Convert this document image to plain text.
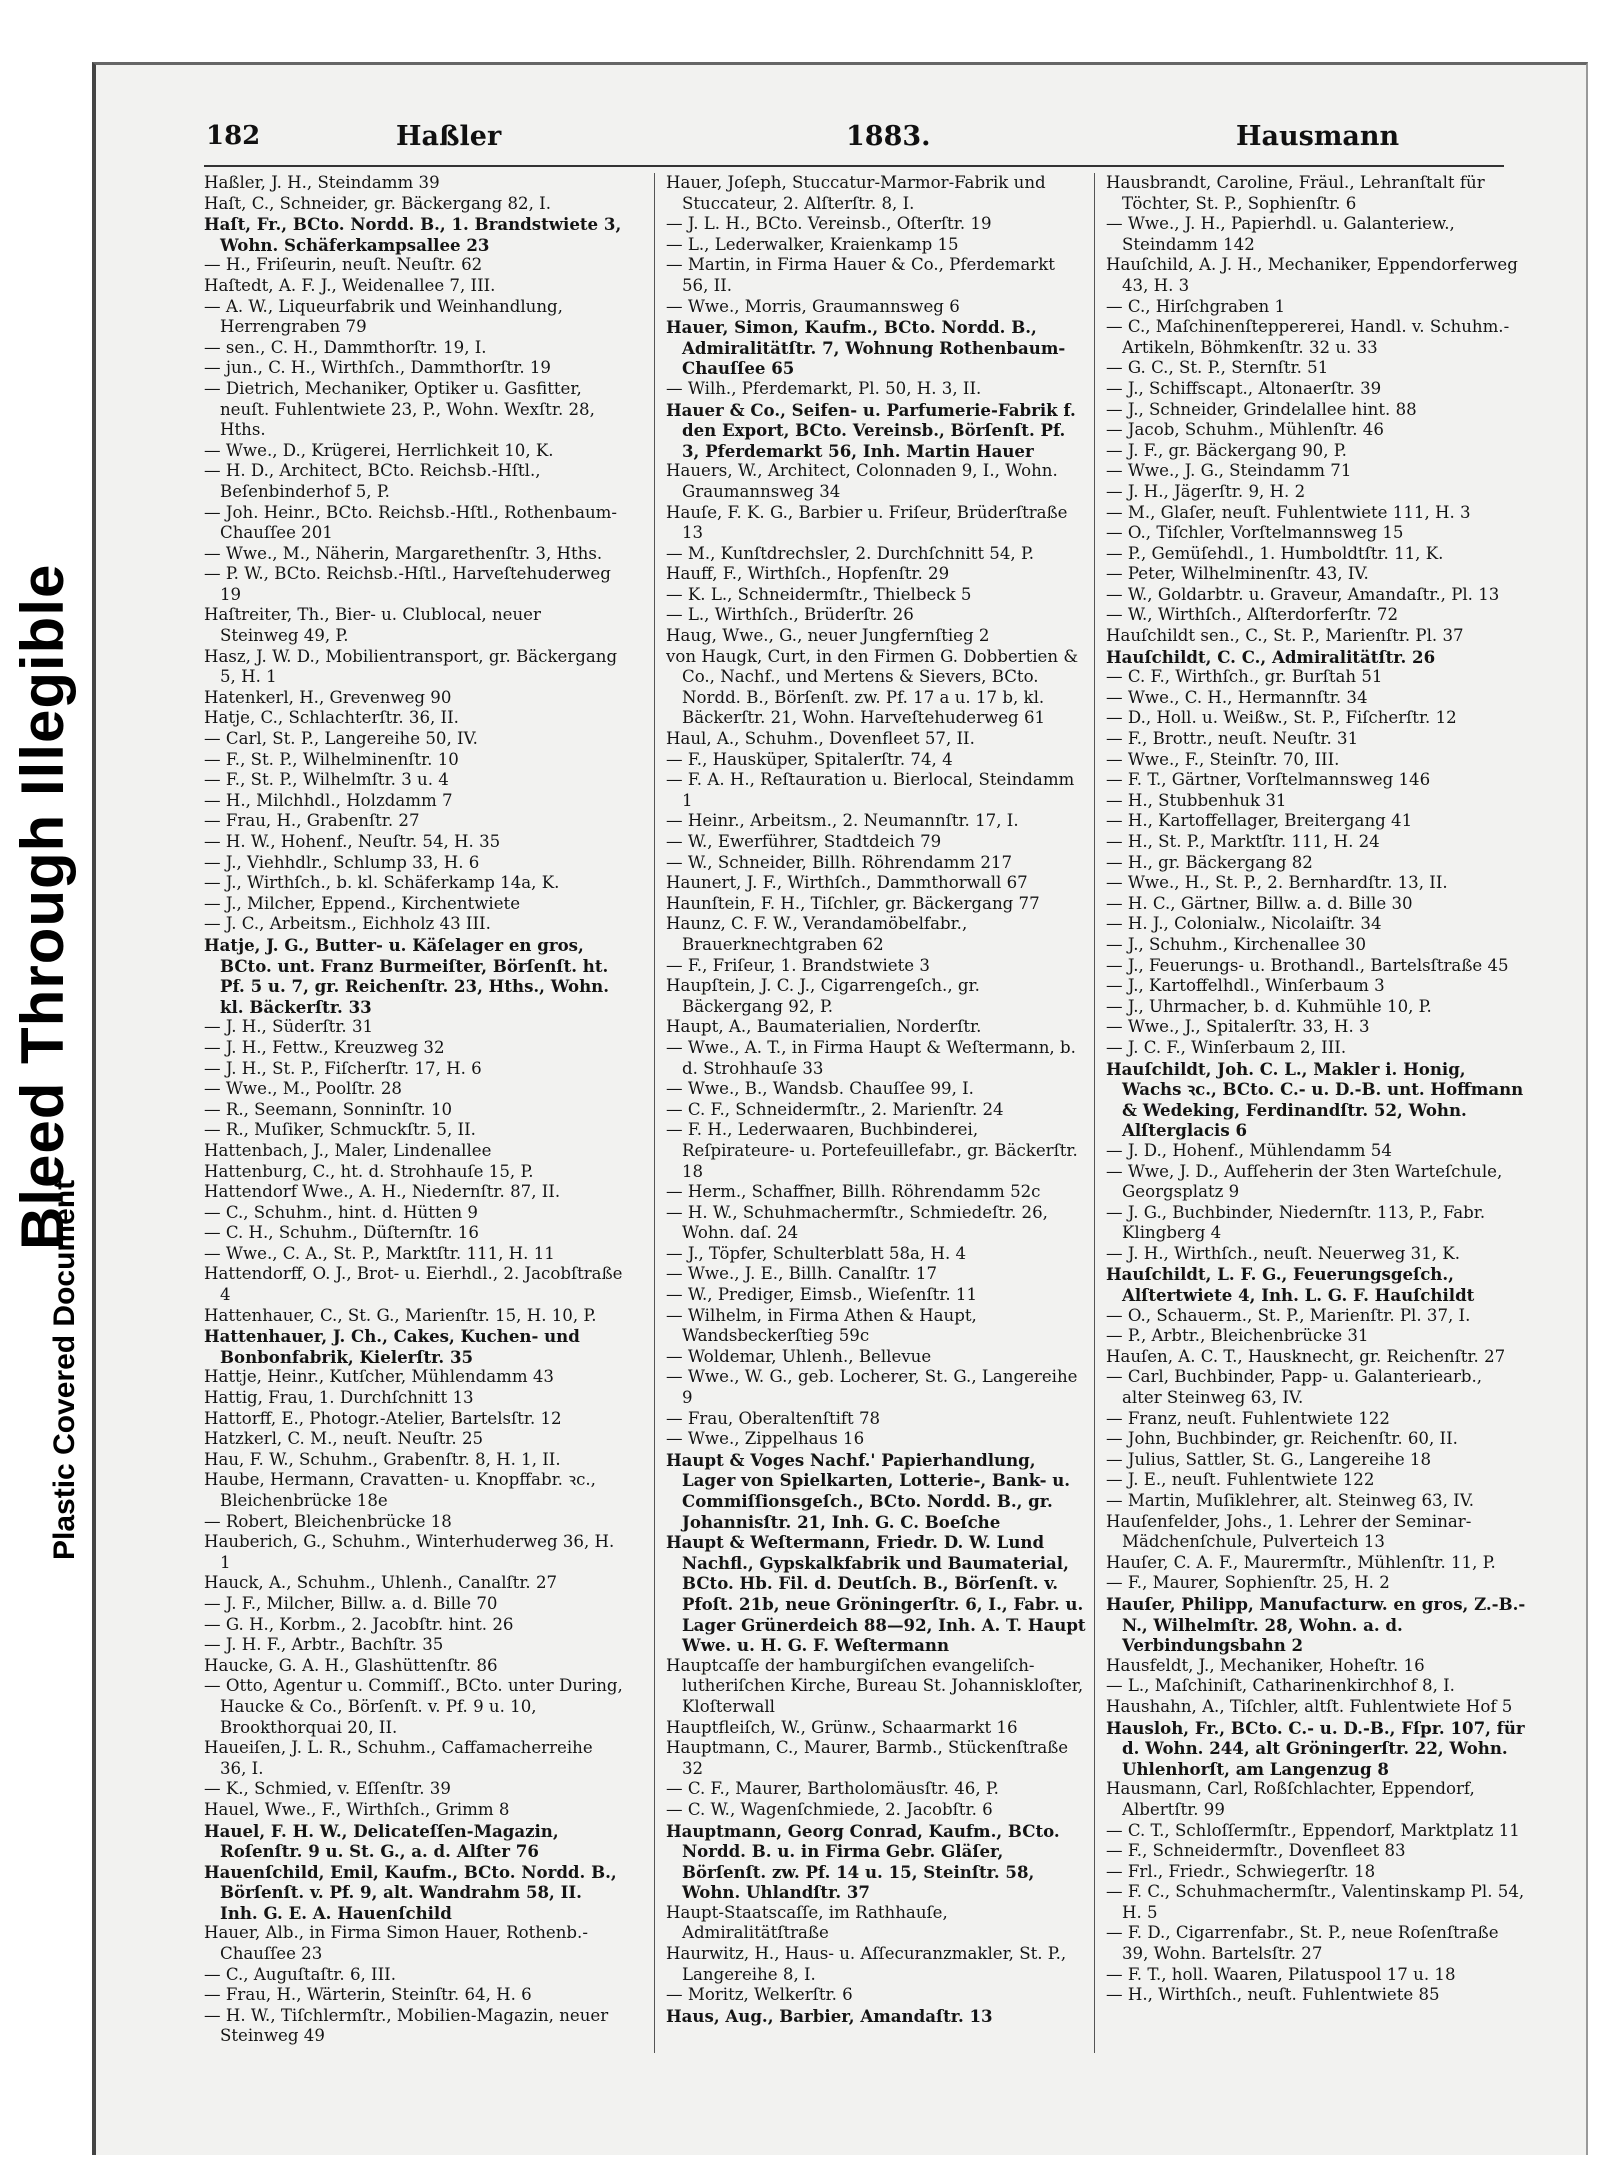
Bleed Through Illegible
Plastic Covered Document
182	Haßler	1883.	Hausmann
Haßler, J. H., Steindamm 39
Haſt, C., Schneider, gr. Bäckergang 82, I.
Haſt, Fr., BCto. Nordd. B., 1. Brandstwiete 3, Wohn. Schäferkampsallee 23
— H., Friſeurin, neuſt. Neuſtr. 62
Haſtedt, A. F. J., Weidenallee 7, III.
— A. W., Liqueurfabrik und Weinhandlung, Herrengraben 79
— sen., C. H., Dammthorſtr. 19, I.
— jun., C. H., Wirthſch., Dammthorſtr. 19
— Dietrich, Mechaniker, Optiker u. Gasfitter, neuſt. Fuhlentwiete 23, P., Wohn. Wexſtr. 28, Hths.
— Wwe., D., Krügerei, Herrlichkeit 10, K.
— H. D., Architect, BCto. Reichsb.-Hſtl., Beſenbinderhof 5, P.
— Joh. Heinr., BCto. Reichsb.-Hſtl., Rothenbaum-Chauſſee 201
— Wwe., M., Näherin, Margarethenſtr. 3, Hths.
— P. W., BCto. Reichsb.-Hſtl., Harveſtehuderweg 19
Haſtreiter, Th., Bier- u. Clublocal, neuer Steinweg 49, P.
Hasz, J. W. D., Mobilientransport, gr. Bäckergang 5, H. 1
Hatenkerl, H., Grevenweg 90
Hatje, C., Schlachterſtr. 36, II.
— Carl, St. P., Langereihe 50, IV.
— F., St. P., Wilhelminenſtr. 10
— F., St. P., Wilhelmſtr. 3 u. 4
— H., Milchhdl., Holzdamm 7
— Frau, H., Grabenſtr. 27
— H. W., Hohenf., Neuſtr. 54, H. 35
— J., Viehhdlr., Schlump 33, H. 6
— J., Wirthſch., b. kl. Schäferkamp 14a, K.
— J., Milcher, Eppend., Kirchentwiete
— J. C., Arbeitsm., Eichholz 43 III.
Hatje, J. G., Butter- u. Käſelager en gros, BCto. unt. Franz Burmeiſter, Börſenſt. ht. Pf. 5 u. 7, gr. Reichenſtr. 23, Hths., Wohn. kl. Bäckerſtr. 33
— J. H., Süderſtr. 31
— J. H., Fettw., Kreuzweg 32
— J. H., St. P., Fiſcherſtr. 17, H. 6
— Wwe., M., Poolſtr. 28
— R., Seemann, Sonninſtr. 10
— R., Muſiker, Schmuckſtr. 5, II.
Hattenbach, J., Maler, Lindenallee
Hattenburg, C., ht. d. Strohhauſe 15, P.
Hattendorf Wwe., A. H., Niedernſtr. 87, II.
— C., Schuhm., hint. d. Hütten 9
— C. H., Schuhm., Düſternſtr. 16
— Wwe., C. A., St. P., Marktſtr. 111, H. 11
Hattendorff, O. J., Brot- u. Eierhdl., 2. Jacobſtraße 4
Hattenhauer, C., St. G., Marienſtr. 15, H. 10, P.
Hattenhauer, J. Ch., Cakes, Kuchen- und Bonbonfabrik, Kielerſtr. 35
Hattje, Heinr., Kutſcher, Mühlendamm 43
Hattig, Frau, 1. Durchſchnitt 13
Hattorff, E., Photogr.-Atelier, Bartelsſtr. 12
Hatzkerl, C. M., neuſt. Neuſtr. 25
Hau, F. W., Schuhm., Grabenſtr. 8, H. 1, II.
Haube, Hermann, Cravatten- u. Knopffabr. ꝛc., Bleichenbrücke 18e
— Robert, Bleichenbrücke 18
Hauberich, G., Schuhm., Winterhuderweg 36, H. 1
Hauck, A., Schuhm., Uhlenh., Canalſtr. 27
— J. F., Milcher, Billw. a. d. Bille 70
— G. H., Korbm., 2. Jacobſtr. hint. 26
— J. H. F., Arbtr., Bachſtr. 35
Haucke, G. A. H., Glashüttenſtr. 86
— Otto, Agentur u. Commiſſ., BCto. unter During, Haucke & Co., Börſenſt. v. Pf. 9 u. 10, Brookthorquai 20, II.
Haueiſen, J. L. R., Schuhm., Caffamacherreihe 36, I.
— K., Schmied, v. Eſſenſtr. 39
Hauel, Wwe., F., Wirthſch., Grimm 8
Hauel, F. H. W., Delicateſſen-Magazin, Roſenſtr. 9 u. St. G., a. d. Alſter 76
Hauenſchild, Emil, Kaufm., BCto. Nordd. B., Börſenſt. v. Pf. 9, alt. Wandrahm 58, II. Inh. G. E. A. Hauenſchild
Hauer, Alb., in Firma Simon Hauer, Rothenb.-Chauſſee 23
— C., Auguſtaſtr. 6, III.
— Frau, H., Wärterin, Steinſtr. 64, H. 6
— H. W., Tiſchlermſtr., Mobilien-Magazin, neuer Steinweg 49
Hauer, Joſeph, Stuccatur-Marmor-Fabrik und Stuccateur, 2. Alſterſtr. 8, I.
— J. L. H., BCto. Vereinsb., Oſterſtr. 19
— L., Lederwalker, Kraienkamp 15
— Martin, in Firma Hauer & Co., Pferdemarkt 56, II.
— Wwe., Morris, Graumannsweg 6
Hauer, Simon, Kaufm., BCto. Nordd. B., Admiralitätſtr. 7, Wohnung Rothenbaum-Chauſſee 65
— Wilh., Pferdemarkt, Pl. 50, H. 3, II.
Hauer & Co., Seifen- u. Parfumerie-Fabrik f. den Export, BCto. Vereinsb., Börſenſt. Pf. 3, Pferdemarkt 56, Inh. Martin Hauer
Hauers, W., Architect, Colonnaden 9, I., Wohn. Graumannsweg 34
Hauſe, F. K. G., Barbier u. Friſeur, Brüderſtraße 13
— M., Kunſtdrechsler, 2. Durchſchnitt 54, P.
Hauff, F., Wirthſch., Hopfenſtr. 29
— K. L., Schneidermſtr., Thielbeck 5
— L., Wirthſch., Brüderſtr. 26
Haug, Wwe., G., neuer Jungfernſtieg 2
von Haugk, Curt, in den Firmen G. Dobbertien & Co., Nachf., und Mertens & Sievers, BCto. Nordd. B., Börſenſt. zw. Pf. 17 a u. 17 b, kl. Bäckerſtr. 21, Wohn. Harveſtehuderweg 61
Haul, A., Schuhm., Dovenfleet 57, II.
— F., Hausküper, Spitalerſtr. 74, 4
— F. A. H., Reſtauration u. Bierlocal, Steindamm 1
— Heinr., Arbeitsm., 2. Neumannſtr. 17, I.
— W., Ewerführer, Stadtdeich 79
— W., Schneider, Billh. Röhrendamm 217
Haunert, J. F., Wirthſch., Dammthorwall 67
Haunſtein, F. H., Tiſchler, gr. Bäckergang 77
Haunz, C. F. W., Verandamöbelfabr., Brauerknechtgraben 62
— F., Friſeur, 1. Brandstwiete 3
Haupſtein, J. C. J., Cigarrengeſch., gr. Bäckergang 92, P.
Haupt, A., Baumaterialien, Norderſtr.
— Wwe., A. T., in Firma Haupt & Weſtermann, b. d. Strohhauſe 33
— Wwe., B., Wandsb. Chauſſee 99, I.
— C. F., Schneidermſtr., 2. Marienſtr. 24
— F. H., Lederwaaren, Buchbinderei, Reſpirateure- u. Portefeuillefabr., gr. Bäckerſtr. 18
— Herm., Schaffner, Billh. Röhrendamm 52c
— H. W., Schuhmachermſtr., Schmiedeſtr. 26, Wohn. daſ. 24
— J., Töpfer, Schulterblatt 58a, H. 4
— Wwe., J. E., Billh. Canalſtr. 17
— W., Prediger, Eimsb., Wieſenſtr. 11
— Wilhelm, in Firma Athen & Haupt, Wandsbeckerſtieg 59c
— Woldemar, Uhlenh., Bellevue
— Wwe., W. G., geb. Locherer, St. G., Langereihe 9
— Frau, Oberaltenſtift 78
— Wwe., Zippelhaus 16
Haupt & Voges Nachf.' Papierhandlung, Lager von Spielkarten, Lotterie-, Bank- u. Commiſſionsgeſch., BCto. Nordd. B., gr. Johannisſtr. 21, Inh. G. C. Boeſche
Haupt & Weſtermann, Friedr. D. W. Lund Nachfl., Gypskalkfabrik und Baumaterial, BCto. Hb. Fil. d. Deutſch. B., Börſenſt. v. Pfoſt. 21b, neue Gröningerſtr. 6, I., Fabr. u. Lager Grünerdeich 88—92, Inh. A. T. Haupt Wwe. u. H. G. F. Weſtermann
Hauptcaſſe der hamburgiſchen evangeliſch-lutheriſchen Kirche, Bureau St. Johanniskloſter, Kloſterwall
Hauptfleiſch, W., Grünw., Schaarmarkt 16
Hauptmann, C., Maurer, Barmb., Stückenſtraße 32
— C. F., Maurer, Bartholomäusſtr. 46, P.
— C. W., Wagenſchmiede, 2. Jacobſtr. 6
Hauptmann, Georg Conrad, Kaufm., BCto. Nordd. B. u. in Firma Gebr. Gläſer, Börſenſt. zw. Pf. 14 u. 15, Steinſtr. 58, Wohn. Uhlandſtr. 37
Haupt-Staatscaſſe, im Rathhauſe, Admiralitätſtraße
Haurwitz, H., Haus- u. Aſſecuranzmakler, St. P., Langereihe 8, I.
— Moritz, Welkerſtr. 6
Haus, Aug., Barbier, Amandaſtr. 13
Hausbrandt, Caroline, Fräul., Lehranſtalt für Töchter, St. P., Sophienſtr. 6
— Wwe., J. H., Papierhdl. u. Galanteriew., Steindamm 142
Hauſchild, A. J. H., Mechaniker, Eppendorferweg 43, H. 3
— C., Hirſchgraben 1
— C., Maſchinenſteppererei, Handl. v. Schuhm.-Artikeln, Böhmkenſtr. 32 u. 33
— G. C., St. P., Sternſtr. 51
— J., Schiffscapt., Altonaerſtr. 39
— J., Schneider, Grindelallee hint. 88
— Jacob, Schuhm., Mühlenſtr. 46
— J. F., gr. Bäckergang 90, P.
— Wwe., J. G., Steindamm 71
— J. H., Jägerſtr. 9, H. 2
— M., Glaſer, neuſt. Fuhlentwiete 111, H. 3
— O., Tiſchler, Vorſtelmannsweg 15
— P., Gemüſehdl., 1. Humboldtſtr. 11, K.
— Peter, Wilhelminenſtr. 43, IV.
— W., Goldarbtr. u. Graveur, Amandaſtr., Pl. 13
— W., Wirthſch., Alſterdorferſtr. 72
Hauſchildt sen., C., St. P., Marienſtr. Pl. 37
Hauſchildt, C. C., Admiralitätſtr. 26
— C. F., Wirthſch., gr. Burſtah 51
— Wwe., C. H., Hermannſtr. 34
— D., Holl. u. Weißw., St. P., Fiſcherſtr. 12
— F., Brottr., neuſt. Neuſtr. 31
— Wwe., F., Steinſtr. 70, III.
— F. T., Gärtner, Vorſtelmannsweg 146
— H., Stubbenhuk 31
— H., Kartoffellager, Breitergang 41
— H., St. P., Marktſtr. 111, H. 24
— H., gr. Bäckergang 82
— Wwe., H., St. P., 2. Bernhardſtr. 13, II.
— H. C., Gärtner, Billw. a. d. Bille 30
— H. J., Colonialw., Nicolaiſtr. 34
— J., Schuhm., Kirchenallee 30
— J., Feuerungs- u. Brothandl., Bartelsſtraße 45
— J., Kartoffelhdl., Winſerbaum 3
— J., Uhrmacher, b. d. Kuhmühle 10, P.
— Wwe., J., Spitalerſtr. 33, H. 3
— J. C. F., Winſerbaum 2, III.
Hauſchildt, Joh. C. L., Makler i. Honig, Wachs ꝛc., BCto. C.- u. D.-B. unt. Hoffmann & Wedeking, Ferdinandſtr. 52, Wohn. Alſterglacis 6
— J. D., Hohenf., Mühlendamm 54
— Wwe, J. D., Aufſeherin der 3ten Warteſchule, Georgsplatz 9
— J. G., Buchbinder, Niedernſtr. 113, P., Fabr. Klingberg 4
— J. H., Wirthſch., neuſt. Neuerweg 31, K.
Hauſchildt, L. F. G., Feuerungsgeſch., Alſtertwiete 4, Inh. L. G. F. Hauſchildt
— O., Schauerm., St. P., Marienſtr. Pl. 37, I.
— P., Arbtr., Bleichenbrücke 31
Hauſen, A. C. T., Hausknecht, gr. Reichenſtr. 27
— Carl, Buchbinder, Papp- u. Galanteriearb., alter Steinweg 63, IV.
— Franz, neuſt. Fuhlentwiete 122
— John, Buchbinder, gr. Reichenſtr. 60, II.
— Julius, Sattler, St. G., Langereihe 18
— J. E., neuſt. Fuhlentwiete 122
— Martin, Muſiklehrer, alt. Steinweg 63, IV.
Hauſenfelder, Johs., 1. Lehrer der Seminar-Mädchenſchule, Pulverteich 13
Hauſer, C. A. F., Maurermſtr., Mühlenſtr. 11, P.
— F., Maurer, Sophienſtr. 25, H. 2
Hauſer, Philipp, Manufacturw. en gros, Z.-B.-N., Wilhelmſtr. 28, Wohn. a. d. Verbindungsbahn 2
Hausfeldt, J., Mechaniker, Hoheſtr. 16
— L., Maſchiniſt, Catharinenkirchhof 8, I.
Haushahn, A., Tiſchler, altſt. Fuhlentwiete Hof 5
Hausloh, Fr., BCto. C.- u. D.-B., Fſpr. 107, für d. Wohn. 244, alt Gröningerſtr. 22, Wohn. Uhlenhorſt, am Langenzug 8
Hausmann, Carl, Roßſchlachter, Eppendorf, Albertſtr. 99
— C. T., Schloſſermſtr., Eppendorf, Marktplatz 11
— F., Schneidermſtr., Dovenfleet 83
— Frl., Friedr., Schwiegerſtr. 18
— F. C., Schuhmachermſtr., Valentinskamp Pl. 54, H. 5
— F. D., Cigarrenfabr., St. P., neue Roſenſtraße 39, Wohn. Bartelsſtr. 27
— F. T., holl. Waaren, Pilatuspool 17 u. 18
— H., Wirthſch., neuſt. Fuhlentwiete 85
